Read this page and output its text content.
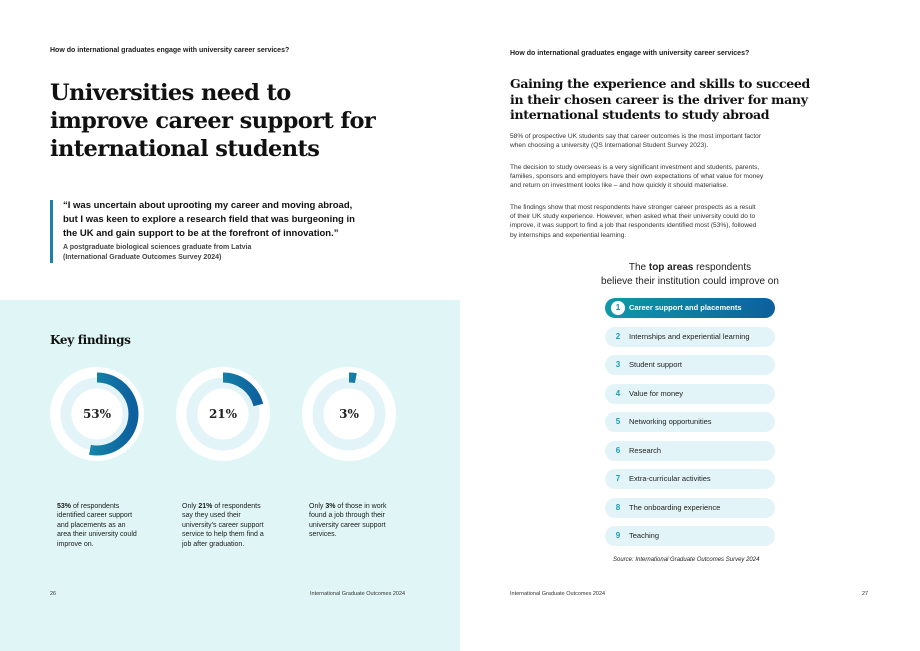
How do international graduates engage with university career services?
Universities need to
improve career support for
international students
“I was uncertain about uprooting my career and moving abroad,
but I was keen to explore a research field that was burgeoning in
the UK and gain support to be at the forefront of innovation.”
A postgraduate biological sciences graduate from Latvia
(International Graduate Outcomes Survey 2024)
Key findings
53%	21%	3%
53% of respondents
identified career support
and placements as an
area their university could
improve on.
Only 21% of respondents
say they used their
university’s career support
service to help them find a
job after graduation.
Only 3% of those in work
found a job through their
university career support
services.
26	International Graduate Outcomes 2024
How do international graduates engage with university career services?
Gaining the experience and skills to succeed
in their chosen career is the driver for many
international students to study abroad
58% of prospective UK students say that career outcomes is the most important factor
when choosing a university (QS International Student Survey 2023).
The decision to study overseas is a very significant investment and students, parents,
families, sponsors and employers have their own expectations of what value for money
and return on investment looks like – and how quickly it should materialise.
The findings show that most respondents have stronger career prospects as a result
of their UK study experience. However, when asked what their university could do to
improve, it was support to find a job that respondents identified most (53%), followed
by internships and experiential learning.
The top areas respondents
believe their institution could improve on
1	Career support and placements
2	Internships and experiential learning
3	Student support
4	Value for money
5	Networking opportunities
6	Research
7	Extra-curricular activities
8	The onboarding experience
9	Teaching
Source: International Graduate Outcomes Survey 2024
International Graduate Outcomes 2024	27
